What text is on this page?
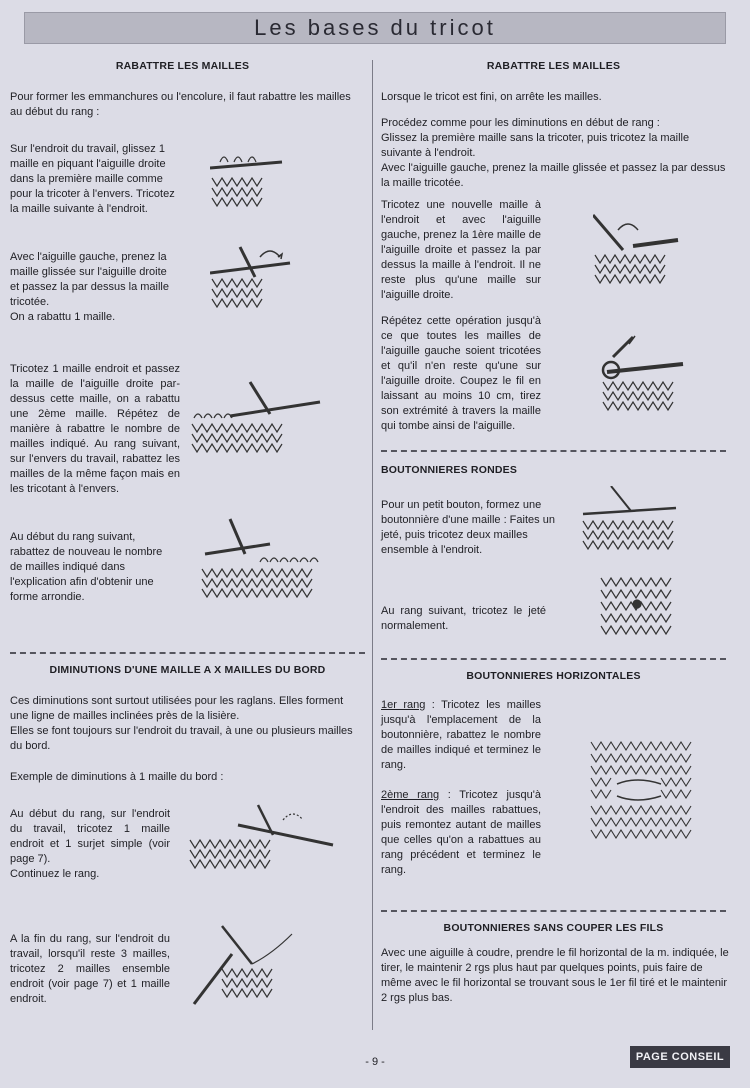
Les bases du tricot
RABATTRE LES MAILLES

Pour former les emmanchures ou l'encolure, il faut rabattre les mailles au début du rang :

Sur l'endroit du travail, glissez 1 maille en piquant l'aiguille droite dans la première maille comme pour la tricoter à l'envers. Tricotez la maille suivante à l'endroit.

Avec l'aiguille gauche, prenez la maille glissée sur l'aiguille droite et passez la par dessus la maille tricotée.

On a rabattu 1 maille.

Tricotez 1 maille endroit et passez la maille de l'aiguille droite par-dessus cette maille, on a rabattu une 2ème maille. Répétez de manière à rabattre le nombre de mailles indiqué. Au rang suivant, sur l'envers du travail, rabattez les mailles de la même façon mais en les tricotant à l'envers.

Au début du rang suivant, rabattez de nouveau le nombre de mailles indiqué dans l'explication afin d'obtenir une forme arrondie.

DIMINUTIONS D'UNE MAILLE A X MAILLES DU BORD

Ces diminutions sont surtout utilisées pour les raglans. Elles forment une ligne de mailles inclinées près de la lisière.

Elles se font toujours sur l'endroit du travail, à une ou plusieurs mailles du bord.

Exemple de diminutions à 1 maille du bord :

Au début du rang, sur l'endroit du travail, tricotez 1 maille endroit et 1 surjet simple (voir page 7).

Continuez le rang.

A la fin du rang, sur l'endroit du travail, lorsqu'il reste 3 mailles, tricotez 2 mailles ensemble endroit (voir page 7) et 1 maille endroit.

RABATTRE LES MAILLES

Lorsque le tricot est fini, on arrête les mailles.

Procédez comme pour les diminutions en début de rang :

Glissez la première maille sans la tricoter, puis tricotez la maille suivante à l'endroit.

Avec l'aiguille gauche, prenez la maille glissée et passez la par dessus la maille tricotée.

Tricotez une nouvelle maille à l'endroit et avec l'aiguille gauche, prenez la 1ère maille de l'aiguille droite et passez la par dessus la maille à l'endroit. Il ne reste plus qu'une maille sur l'aiguille droite.

Répétez cette opération jusqu'à ce que toutes les mailles de l'aiguille gauche soient tricotées et qu'il n'en reste qu'une sur l'aiguille droite. Coupez le fil en laissant au moins 10 cm, tirez son extrémité à travers la maille qui tombe ainsi de l'aiguille.

BOUTONNIERES RONDES

Pour un petit bouton, formez une boutonnière d'une maille : Faites un jeté, puis tricotez deux mailles ensemble à l'endroit.

Au rang suivant, tricotez le jeté normalement.

BOUTONNIERES HORIZONTALES

1er rang : Tricotez les mailles jusqu'à l'emplacement de la boutonnière, rabattez le nombre de mailles indiqué et terminez le rang.

2ème rang : Tricotez jusqu'à l'endroit des mailles rabattues, puis remontez autant de mailles que celles qu'on a rabattues au rang précédent et terminez le rang.

BOUTONNIERES SANS COUPER LES FILS

Avec une aiguille à coudre, prendre le fil horizontal de la m. indiquée, le tirer, le maintenir 2 rgs plus haut par quelques points, puis faire de même avec le fil horizontal se trouvant sous le 1er fil tiré et le maintenir 2 rgs plus bas.

- 9 -	PAGE CONSEIL
